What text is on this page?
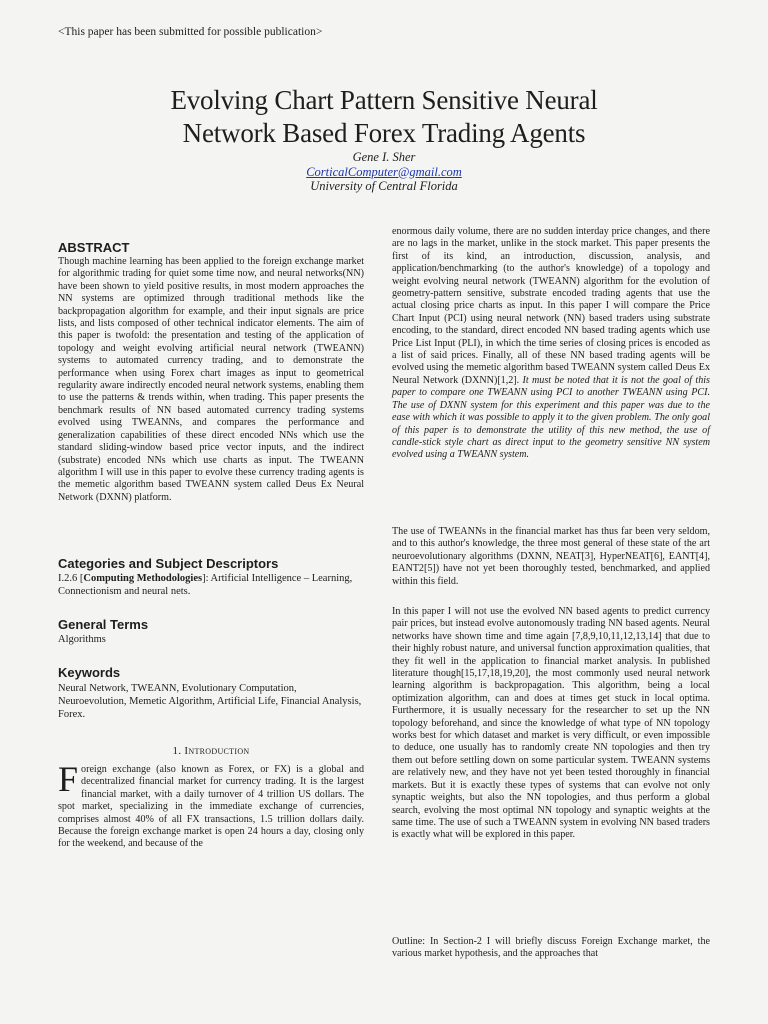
<This paper has been submitted for possible publication>
Evolving Chart Pattern Sensitive Neural
Network Based Forex Trading Agents
Gene I. Sher
CorticalComputer@gmail.com
University of Central Florida
ABSTRACT

Though machine learning has been applied to the foreign exchange market for algorithmic trading for quiet some time now, and neural networks(NN) have been shown to yield positive results, in most modern approaches the NN systems are optimized through traditional methods like the backpropagation algorithm for example, and their input signals are price lists, and lists composed of other technical indicator elements. The aim of this paper is twofold: the presentation and testing of the application of topology and weight evolving artificial neural network (TWEANN) systems to automated currency trading, and to demonstrate the performance when using Forex chart images as input to geometrical regularity aware indirectly encoded neural network systems, enabling them to use the patterns & trends within, when trading. This paper presents the benchmark results of NN based automated currency trading systems evolved using TWEANNs, and compares the performance and generalization capabilities of these direct encoded NNs which use the standard sliding-window based price vector inputs, and the indirect (substrate) encoded NNs which use charts as input. The TWEANN algorithm I will use in this paper to evolve these currency trading agents is the memetic algorithm based TWEANN system called Deus Ex Neural Network (DXNN) platform.

Categories and Subject Descriptors
I.2.6 [Computing Methodologies]: Artificial Intelligence – Learning, Connectionism and neural nets.
General Terms
Algorithms
Keywords
Neural Network, TWEANN, Evolutionary Computation, Neuroevolution, Memetic Algorithm, Artificial Life, Financial Analysis, Forex.
1. Introduction

Foreign exchange (also known as Forex, or FX) is a global and decentralized financial market for currency trading. It is the largest financial market, with a daily turnover of 4 trillion US dollars. The spot market, specializing in the immediate exchange of currencies, comprises almost 40% of all FX transactions, 1.5 trillion dollars daily. Because the foreign exchange market is open 24 hours a day, closing only for the weekend, and because of the

enormous daily volume, there are no sudden interday price changes, and there are no lags in the market, unlike in the stock market. This paper presents the first of its kind, an introduction, discussion, analysis, and application/benchmarking (to the author's knowledge) of a topology and weight evolving neural network (TWEANN) algorithm for the evolution of geometry-pattern sensitive, substrate encoded trading agents that use the actual closing price charts as input. In this paper I will compare the Price Chart Input (PCI) using neural network (NN) based traders using substrate encoding, to the standard, direct encoded NN based trading agents which use Price List Input (PLI), in which the time series of closing prices is encoded as a list of said prices. Finally, all of these NN based trading agents will be evolved using the memetic algorithm based TWEANN system called Deus Ex Neural Network (DXNN)[1,2]. It must be noted that it is not the goal of this paper to compare one TWEANN using PCI to another TWEANN using PCI. The use of DXNN system for this experiment and this paper was due to the ease with which it was possible to apply it to the given problem. The only goal of this paper is to demonstrate the utility of this new method, the use of candle-stick style chart as direct input to the geometry sensitive NN system evolved using a TWEANN system.

The use of TWEANNs in the financial market has thus far been very seldom, and to this author's knowledge, the three most general of these state of the art neuroevolutionary algorithms (DXNN, NEAT[3], HyperNEAT[6], EANT[4], EANT2[5]) have not yet been thoroughly tested, benchmarked, and applied within this field.

In this paper I will not use the evolved NN based agents to predict currency pair prices, but instead evolve autonomously trading NN based agents. Neural networks have shown time and time again [7,8,9,10,11,12,13,14] that due to their highly robust nature, and universal function approximation qualities, that they fit well in the application to financial market analysis. In published literature though[15,17,18,19,20], the most commonly used neural network learning algorithm is backpropagation. This algorithm, being a local optimization algorithm, can and does at times get stuck in local optima. Furthermore, it is usually necessary for the researcher to set up the NN topology beforehand, and since the knowledge of what type of NN topology works best for which dataset and market is very difficult, or even impossible to deduce, one usually has to randomly create NN topologies and then try them out before settling down on some particular system. TWEANN systems are relatively new, and they have not yet been tested thoroughly in financial markets. But it is exactly these types of systems that can evolve not only synaptic weights, but also the NN topologies, and thus perform a global search, evolving the most optimal NN topology and synaptic weights at the same time. The use of such a TWEANN system in evolving NN based traders is exactly what will be explored in this paper.

Outline: In Section-2 I will briefly discuss Foreign Exchange market, the various market hypothesis, and the approaches that
